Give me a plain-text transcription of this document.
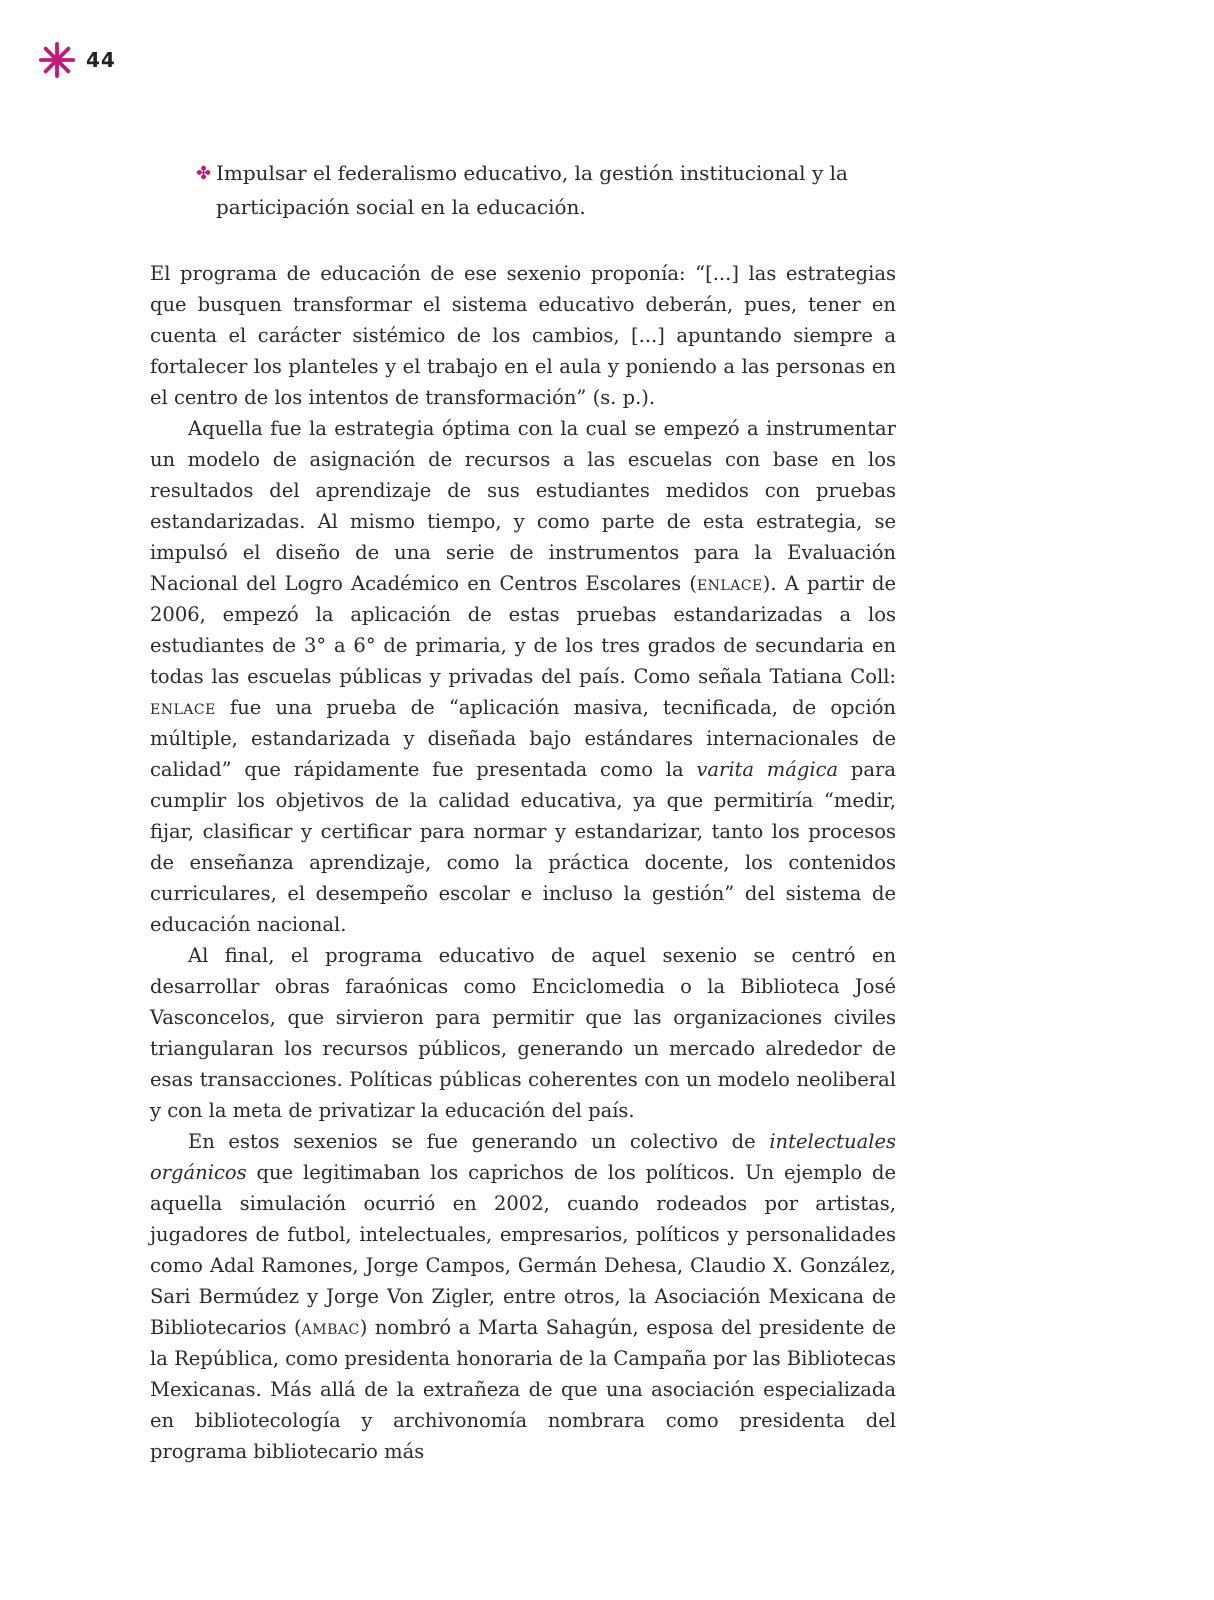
44
✤ Impulsar el federalismo educativo, la gestión institucional y la participación social en la educación.

El programa de educación de ese sexenio proponía: “[...] las estrategias que busquen transformar el sistema educativo deberán, pues, tener en cuenta el carácter sistémico de los cambios, [...] apuntando siempre a fortalecer los planteles y el trabajo en el aula y poniendo a las personas en el centro de los intentos de transformación” (s. p.).

Aquella fue la estrategia óptima con la cual se empezó a instrumentar un modelo de asignación de recursos a las escuelas con base en los resultados del aprendizaje de sus estudiantes medidos con pruebas estandarizadas. Al mismo tiempo, y como parte de esta estrategia, se impulsó el diseño de una serie de instrumentos para la Evaluación Nacional del Logro Académico en Centros Escolares (enlace). A partir de 2006, empezó la aplicación de estas pruebas estandarizadas a los estudiantes de 3° a 6° de primaria, y de los tres grados de secundaria en todas las escuelas públicas y privadas del país. Como señala Tatiana Coll: enlace fue una prueba de “aplicación masiva, tecnificada, de opción múltiple, estandarizada y diseñada bajo estándares internacionales de calidad” que rápidamente fue presentada como la varita mágica para cumplir los objetivos de la calidad educativa, ya que permitiría “medir, fijar, clasificar y certificar para normar y estandarizar, tanto los procesos de enseñanza aprendizaje, como la práctica docente, los contenidos curriculares, el desempeño escolar e incluso la gestión” del sistema de educación nacional.

Al final, el programa educativo de aquel sexenio se centró en desarrollar obras faraónicas como Enciclomedia o la Biblioteca José Vasconcelos, que sirvieron para permitir que las organizaciones civiles triangularan los recursos públicos, generando un mercado alrededor de esas transacciones. Políticas públicas coherentes con un modelo neoliberal y con la meta de privatizar la educación del país.

En estos sexenios se fue generando un colectivo de intelectuales orgánicos que legitimaban los caprichos de los políticos. Un ejemplo de aquella simulación ocurrió en 2002, cuando rodeados por artistas, jugadores de futbol, intelectuales, empresarios, políticos y personalidades como Adal Ramones, Jorge Campos, Germán Dehesa, Claudio X. González, Sari Bermúdez y Jorge Von Zigler, entre otros, la Asociación Mexicana de Bibliotecarios (ambac) nombró a Marta Sahagún, esposa del presidente de la República, como presidenta honoraria de la Campaña por las Bibliotecas Mexicanas. Más allá de la extrañeza de que una asociación especializada en bibliotecología y archivonomía nombrara como presidenta del programa bibliotecario más
